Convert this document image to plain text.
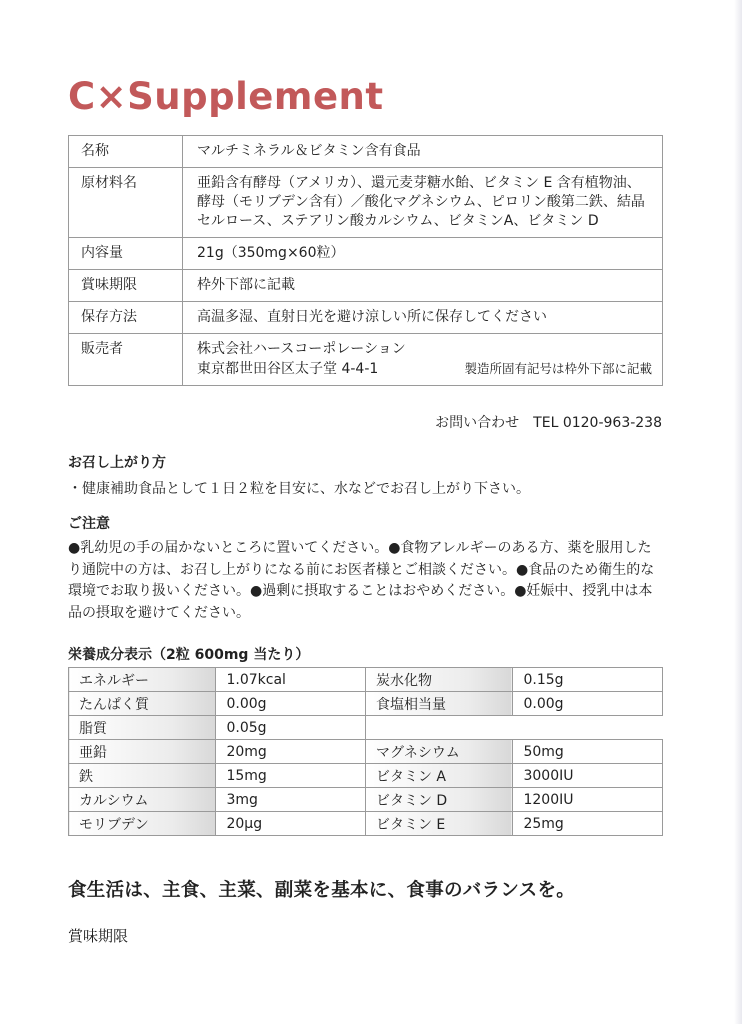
C×Supplement
名称	マルチミネラル＆ビタミン含有食品
原材料名	亜鉛含有酵母（アメリカ）、還元麦芽糖水飴、ビタミン E 含有植物油、酵母（モリブデン含有）／酸化マグネシウム、ピロリン酸第二鉄、結晶セルロース、ステアリン酸カルシウム、ビタミンA、ビタミン D
内容量	21g（350mg×60粒）
賞味期限	枠外下部に記載
保存方法	高温多湿、直射日光を避け涼しい所に保存してください
販売者	株式会社ハースコーポレーション
東京都世田谷区太子堂 4-4-1 製造所固有記号は枠外下部に記載
お問い合わせ　TEL 0120-963-238
お召し上がり方
・健康補助食品として１日２粒を目安に、水などでお召し上がり下さい。
ご注意

●乳幼児の手の届かないところに置いてください。●食物アレルギーのある方、薬を服用したり通院中の方は、お召し上がりになる前にお医者様とご相談ください。●食品のため衛生的な環境でお取り扱いください。●過剰に摂取することはおやめください。●妊娠中、授乳中は本品の摂取を避けてください。

栄養成分表示（2粒 600mg 当たり）
エネルギー	1.07kcal	炭水化物	0.15g
たんぱく質	0.00g	食塩相当量	0.00g
脂質	0.05g		
亜鉛	20mg	マグネシウム	50mg
鉄	15mg	ビタミン A	3000IU
カルシウム	3mg	ビタミン D	1200IU
モリブデン	20μg	ビタミン E	25mg

食生活は、主食、主菜、副菜を基本に、食事のバランスを。

賞味期限
